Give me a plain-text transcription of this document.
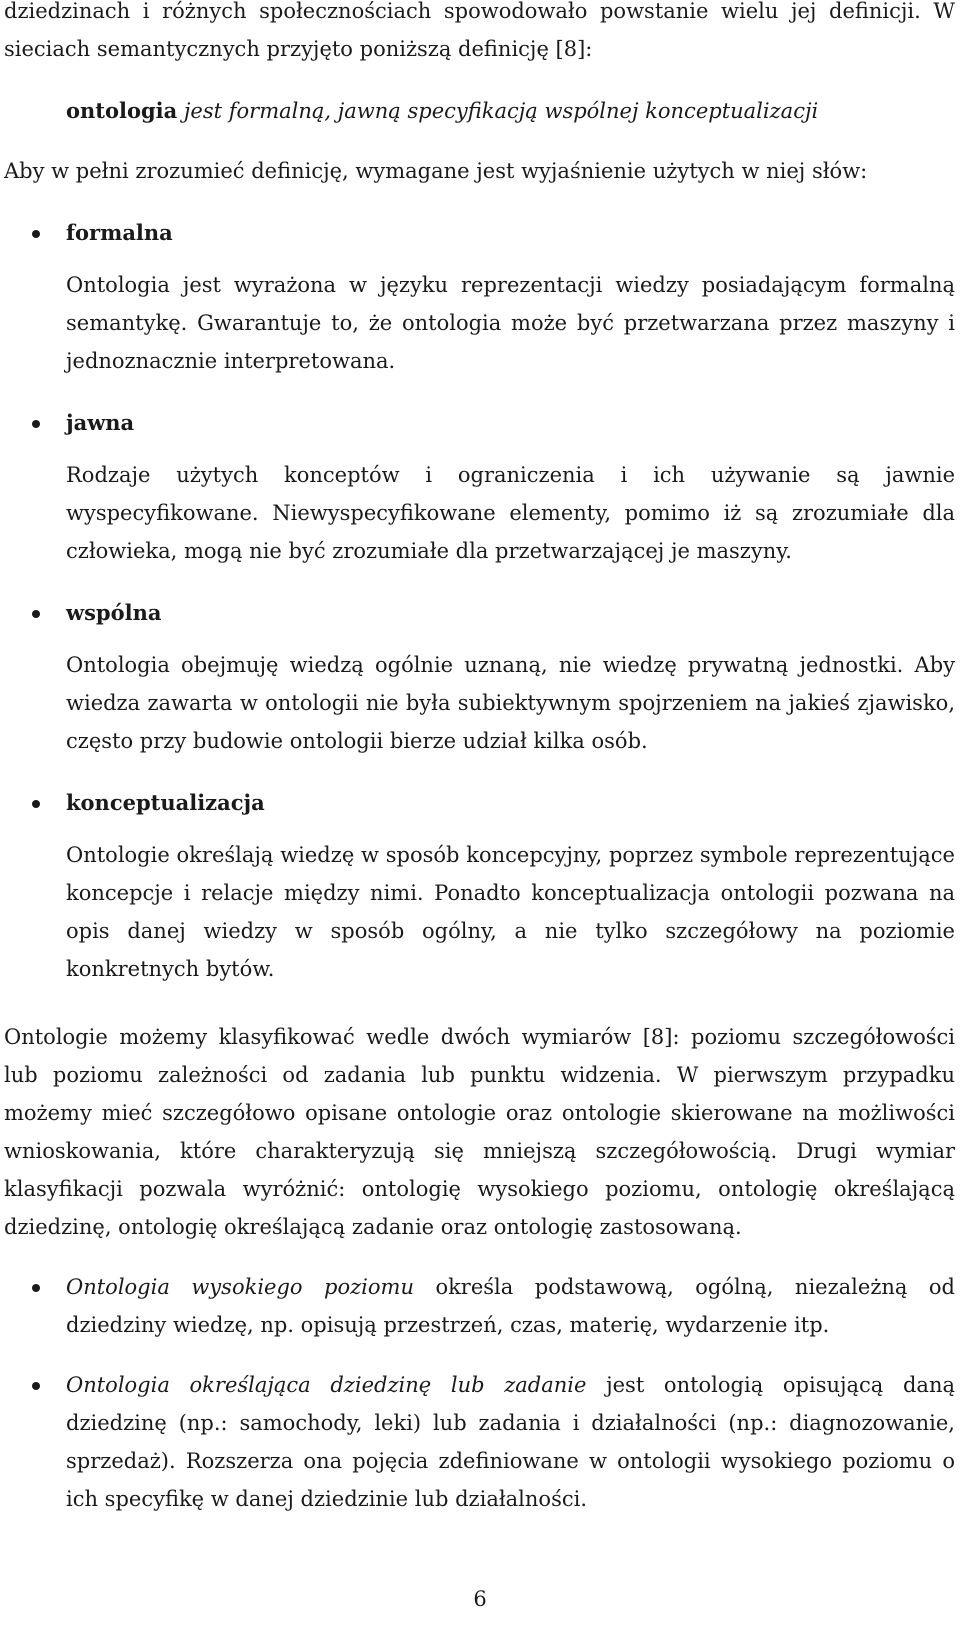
dziedzinach i różnych społecznościach spowodowało powstanie wielu jej definicji. W sieciach semantycznych przyjęto poniższą definicję [8]:

ontologia jest formalną, jawną specyfikacją wspólnej konceptualizacji

Aby w pełni zrozumieć definicję, wymagane jest wyjaśnienie użytych w niej słów:

formalna

Ontologia jest wyrażona w języku reprezentacji wiedzy posiadającym formalną semantykę. Gwarantuje to, że ontologia może być przetwarzana przez maszyny i jednoznacznie interpretowana.

jawna

Rodzaje użytych konceptów i ograniczenia i ich używanie są jawnie wyspecyfikowane. Niewyspecyfikowane elementy, pomimo iż są zrozumiałe dla człowieka, mogą nie być zrozumiałe dla przetwarzającej je maszyny.

wspólna

Ontologia obejmuję wiedzą ogólnie uznaną, nie wiedzę prywatną jednostki. Aby wiedza zawarta w ontologii nie była subiektywnym spojrzeniem na jakieś zjawisko, często przy budowie ontologii bierze udział kilka osób.

konceptualizacja

Ontologie określają wiedzę w sposób koncepcyjny, poprzez symbole reprezentujące koncepcje i relacje między nimi. Ponadto konceptualizacja ontologii pozwana na opis danej wiedzy w sposób ogólny, a nie tylko szczegółowy na poziomie konkretnych bytów.

Ontologie możemy klasyfikować wedle dwóch wymiarów [8]: poziomu szczegółowości lub poziomu zależności od zadania lub punktu widzenia. W pierwszym przypadku możemy mieć szczegółowo opisane ontologie oraz ontologie skierowane na możliwości wnioskowania, które charakteryzują się mniejszą szczegółowością. Drugi wymiar klasyfikacji pozwala wyróżnić: ontologię wysokiego poziomu, ontologię określającą dziedzinę, ontologię określającą zadanie oraz ontologię zastosowaną.

Ontologia wysokiego poziomu określa podstawową, ogólną, niezależną od dziedziny wiedzę, np. opisują przestrzeń, czas, materię, wydarzenie itp.

Ontologia określająca dziedzinę lub zadanie jest ontologią opisującą daną dziedzinę (np.: samochody, leki) lub zadania i działalności (np.: diagnozowanie, sprzedaż). Rozszerza ona pojęcia zdefiniowane w ontologii wysokiego poziomu o ich specyfikę w danej dziedzinie lub działalności.

6
